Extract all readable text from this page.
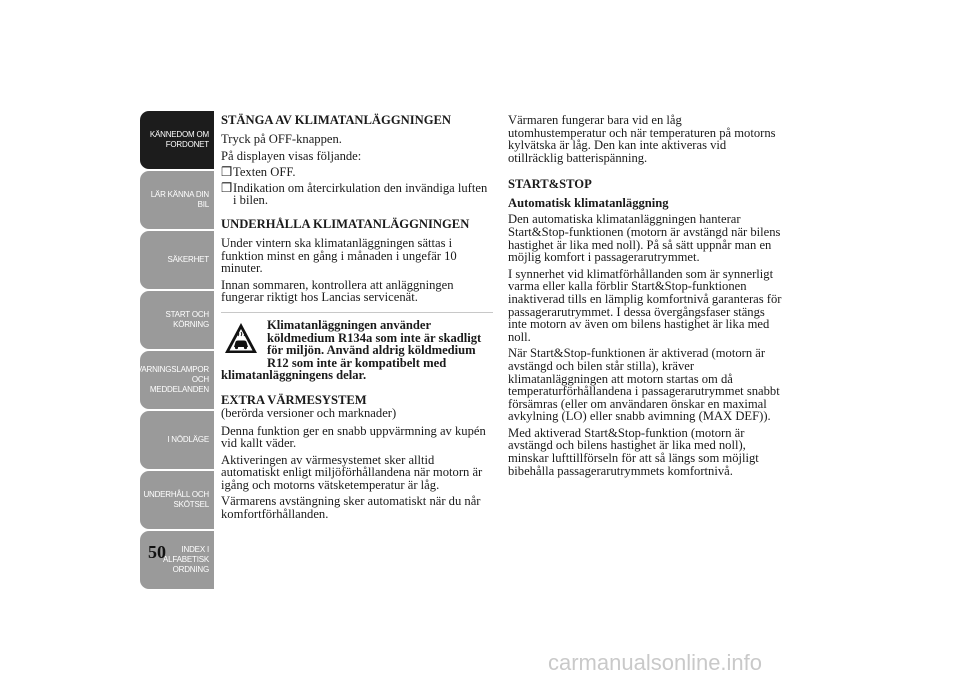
KÄNNEDOM OM
FORDONET
LÄR KÄNNA DIN
BIL
SÄKERHET
START OCH
KÖRNING
VARNINGSLAMPOR
OCH
MEDDELANDEN
I NÖDLÄGE
UNDERHÅLL OCH
SKÖTSEL
INDEX I
ALFABETISK
ORDNING
50
STÄNGA AV KLIMATANLÄGGNINGEN

Tryck på OFF-knappen.

På displayen visas följande:

❒ Texten OFF.
❒ Indikation om återcirkulation den invändiga luften i bilen.
UNDERHÅLLA KLIMATANLÄGGNINGEN

Under vintern ska klimatanläggningen sättas i funktion minst en gång i månaden i ungefär 10 minuter.

Innan sommaren, kontrollera att anläggningen fungerar riktigt hos Lancias servicenät.

Klimatanläggningen använder köldmedium R134a som inte är skadligt för miljön. Använd aldrig köldmedium R12 som inte är kompatibelt med klimatanläggningens delar.
EXTRA VÄRMESYSTEM

(berörda versioner och marknader)

Denna funktion ger en snabb uppvärmning av kupén vid kallt väder.

Aktiveringen av värmesystemet sker alltid automatiskt enligt miljöförhållandena när motorn är igång och motorns vätsketemperatur är låg.

Värmarens avstängning sker automatiskt när du når komfortförhållanden.

Värmaren fungerar bara vid en låg utomhustemperatur och när temperaturen på motorns kylvätska är låg. Den kan inte aktiveras vid otillräcklig batterispänning.

START&STOP
Automatisk klimatanläggning

Den automatiska klimatanläggningen hanterar Start&Stop-funktionen (motorn är avstängd när bilens hastighet är lika med noll). På så sätt uppnår man en möjlig komfort i passagerarutrymmet.

I synnerhet vid klimatförhållanden som är synnerligt varma eller kalla förblir Start&Stop-funktionen inaktiverad tills en lämplig komfortnivå garanteras för passagerarutrymmet. I dessa övergångsfaser stängs inte motorn av även om bilens hastighet är lika med noll.

När Start&Stop-funktionen är aktiverad (motorn är avstängd och bilen står stilla), kräver klimatanläggningen att motorn startas om då temperaturförhållandena i passagerarutrymmet snabbt försämras (eller om användaren önskar en maximal avkylning (LO) eller snabb avimning (MAX DEF)).

Med aktiverad Start&Stop-funktion (motorn är avstängd och bilens hastighet är lika med noll), minskar lufttillförseln för att så längs som möjligt bibehålla passagerarutrymmets komfortnivå.

carmanualsonline.info
